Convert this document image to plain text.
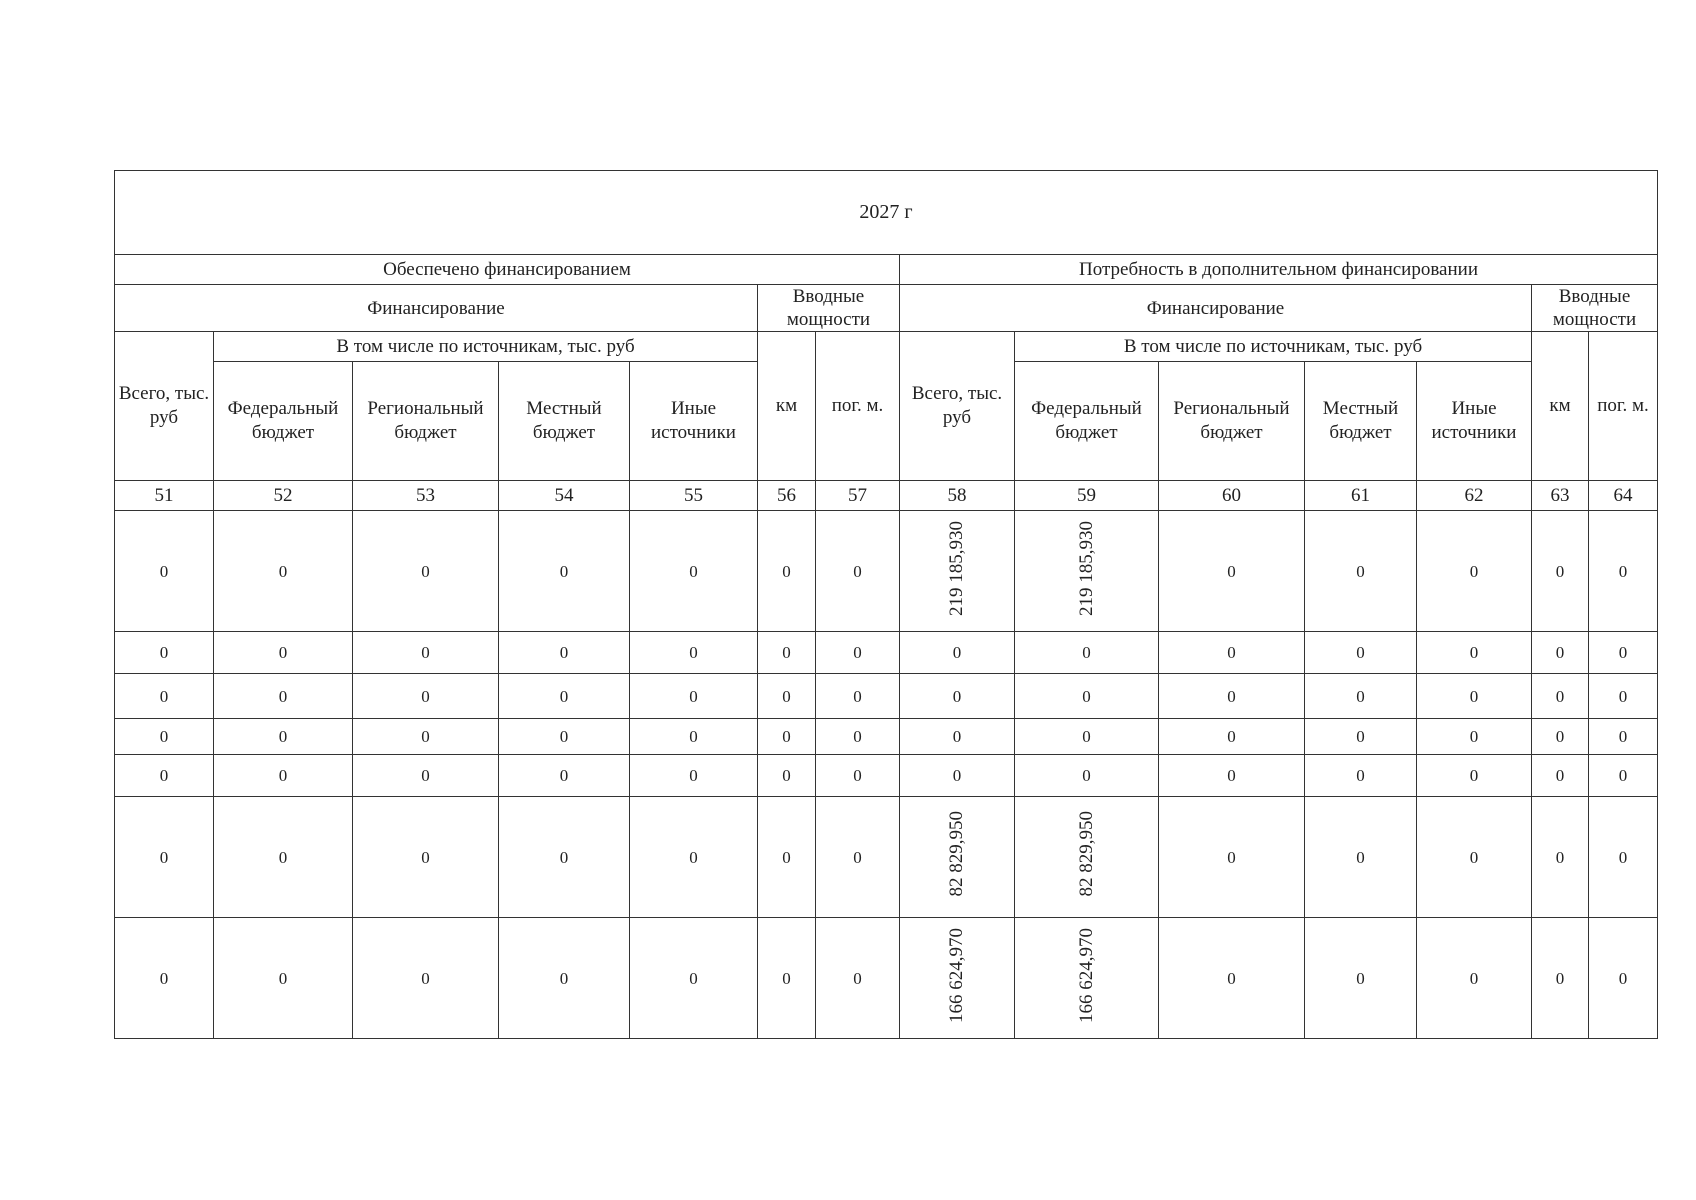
2027 г													
Обеспечено финансированием							Потребность в дополнительном финансировании						
Финансирование					Вводные мощности		Финансирование					Вводные мощности	
Всего, тыс. руб	В том числе по источникам, тыс. руб				км	пог. м.	Всего, тыс. руб	В том числе по источникам, тыс. руб				км	пог. м.
	Федеральный бюджет	Региональный бюджет	Местный бюджет	Иные источники				Федеральный бюджет	Региональный бюджет	Местный бюджет	Иные источники		
51	52	53	54	55	56	57	58	59	60	61	62	63	64
0	0	0	0	0	0	0	219 185,930	219 185,930	0	0	0	0	0
0	0	0	0	0	0	0	0	0	0	0	0	0	0
0	0	0	0	0	0	0	0	0	0	0	0	0	0
0	0	0	0	0	0	0	0	0	0	0	0	0	0
0	0	0	0	0	0	0	0	0	0	0	0	0	0
0	0	0	0	0	0	0	82 829,950	82 829,950	0	0	0	0	0
0	0	0	0	0	0	0	166 624,970	166 624,970	0	0	0	0	0
